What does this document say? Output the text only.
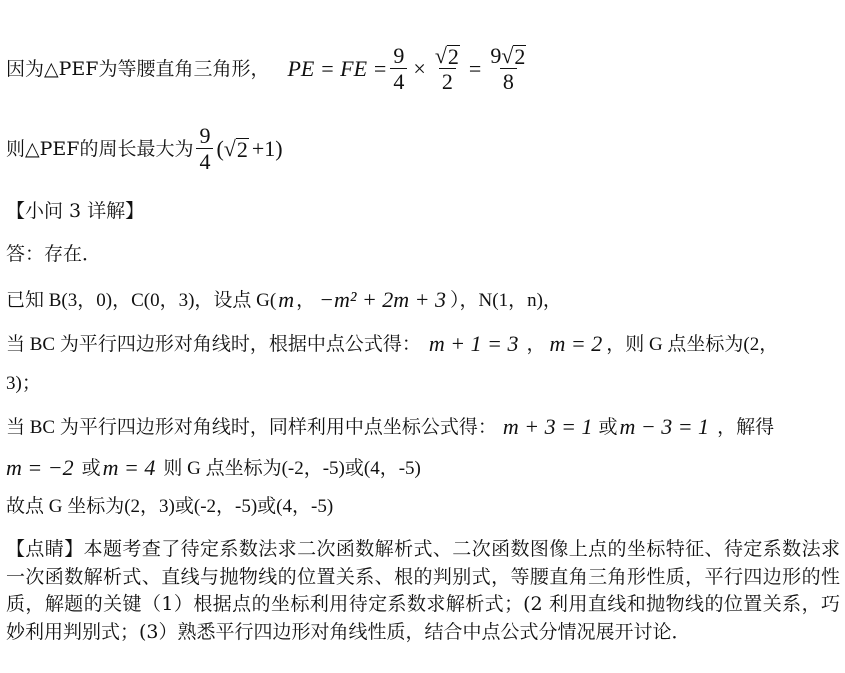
因为△PEF为等腰直角三角形， PE = FE = $\frac{9}{4} \times \frac{√ 2}{2} = \frac{9 √ 2}{8}$
则△PEF的周长最大为 $\frac{9}{4}$ ( √ 2 +1)
【小问 3 详解】
答：存在．
已知 B(3，0)，C(0，3)，设点 G( m ， −m² + 2m + 3 ），N(1，n)，
当 BC 为平行四边形对角线时，根据中点公式得： m + 1 = 3 ， m = 2 ，则 G 点坐标为(2，
3)；
当 BC 为平行四边形对角线时，同样利用中点坐标公式得： m + 3 = 1 或 m − 3 = 1 ，解得
m = −2 或 m = 4 则 G 点坐标为(-2，-5)或(4，-5)
故点 G 坐标为(2，3)或(-2，-5)或(4，-5)
【点睛】本题考查了待定系数法求二次函数解析式、二次函数图像上点的坐标特征、待定系数法求一次函数解析式、直线与抛物线的位置关系、根的判别式，等腰直角三角形性质，平行四边形的性质，解题的关键（1）根据点的坐标利用待定系数求解析式；(2 利用直线和抛物线的位置关系，巧妙利用判别式；(3）熟悉平行四边形对角线性质，结合中点公式分情况展开讨论．
